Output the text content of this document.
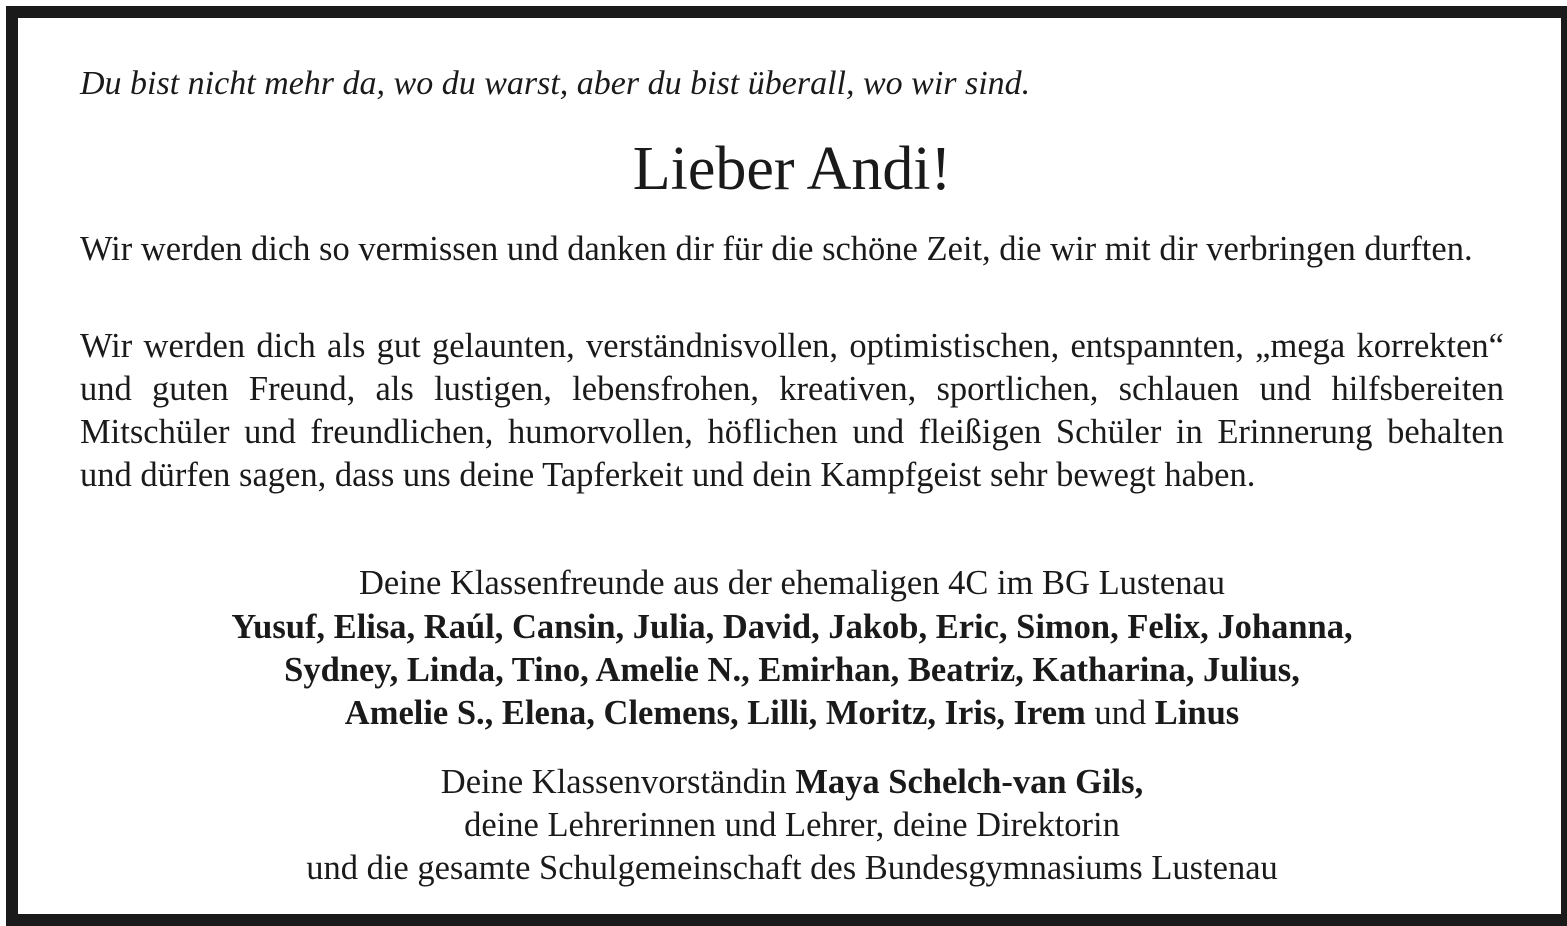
Du bist nicht mehr da, wo du warst, aber du bist überall, wo wir sind.
Lieber Andi!
Wir werden dich so vermissen und danken dir für die schöne Zeit, die wir mit dir verbringen durften.
Wir werden dich als gut gelaunten, verständnisvollen, optimistischen, entspannten, „mega korrekten“ und guten Freund, als lustigen, lebensfrohen, kreativen, sportlichen, schlauen und hilfsbereiten Mitschüler und freundlichen, humorvollen, höflichen und fleißigen Schüler in Erinnerung behalten und dürfen sagen, dass uns deine Tapferkeit und dein Kampfgeist sehr bewegt haben.
Deine Klassenfreunde aus der ehemaligen 4C im BG Lustenau
Yusuf, Elisa, Raúl, Cansin, Julia, David, Jakob, Eric, Simon, Felix, Johanna,
Sydney, Linda, Tino, Amelie N., Emirhan, Beatriz, Katharina, Julius,
Amelie S., Elena, Clemens, Lilli, Moritz, Iris, Irem und Linus
Deine Klassenvorständin Maya Schelch-van Gils,
deine Lehrerinnen und Lehrer, deine Direktorin
und die gesamte Schulgemeinschaft des Bundesgymnasiums Lustenau
